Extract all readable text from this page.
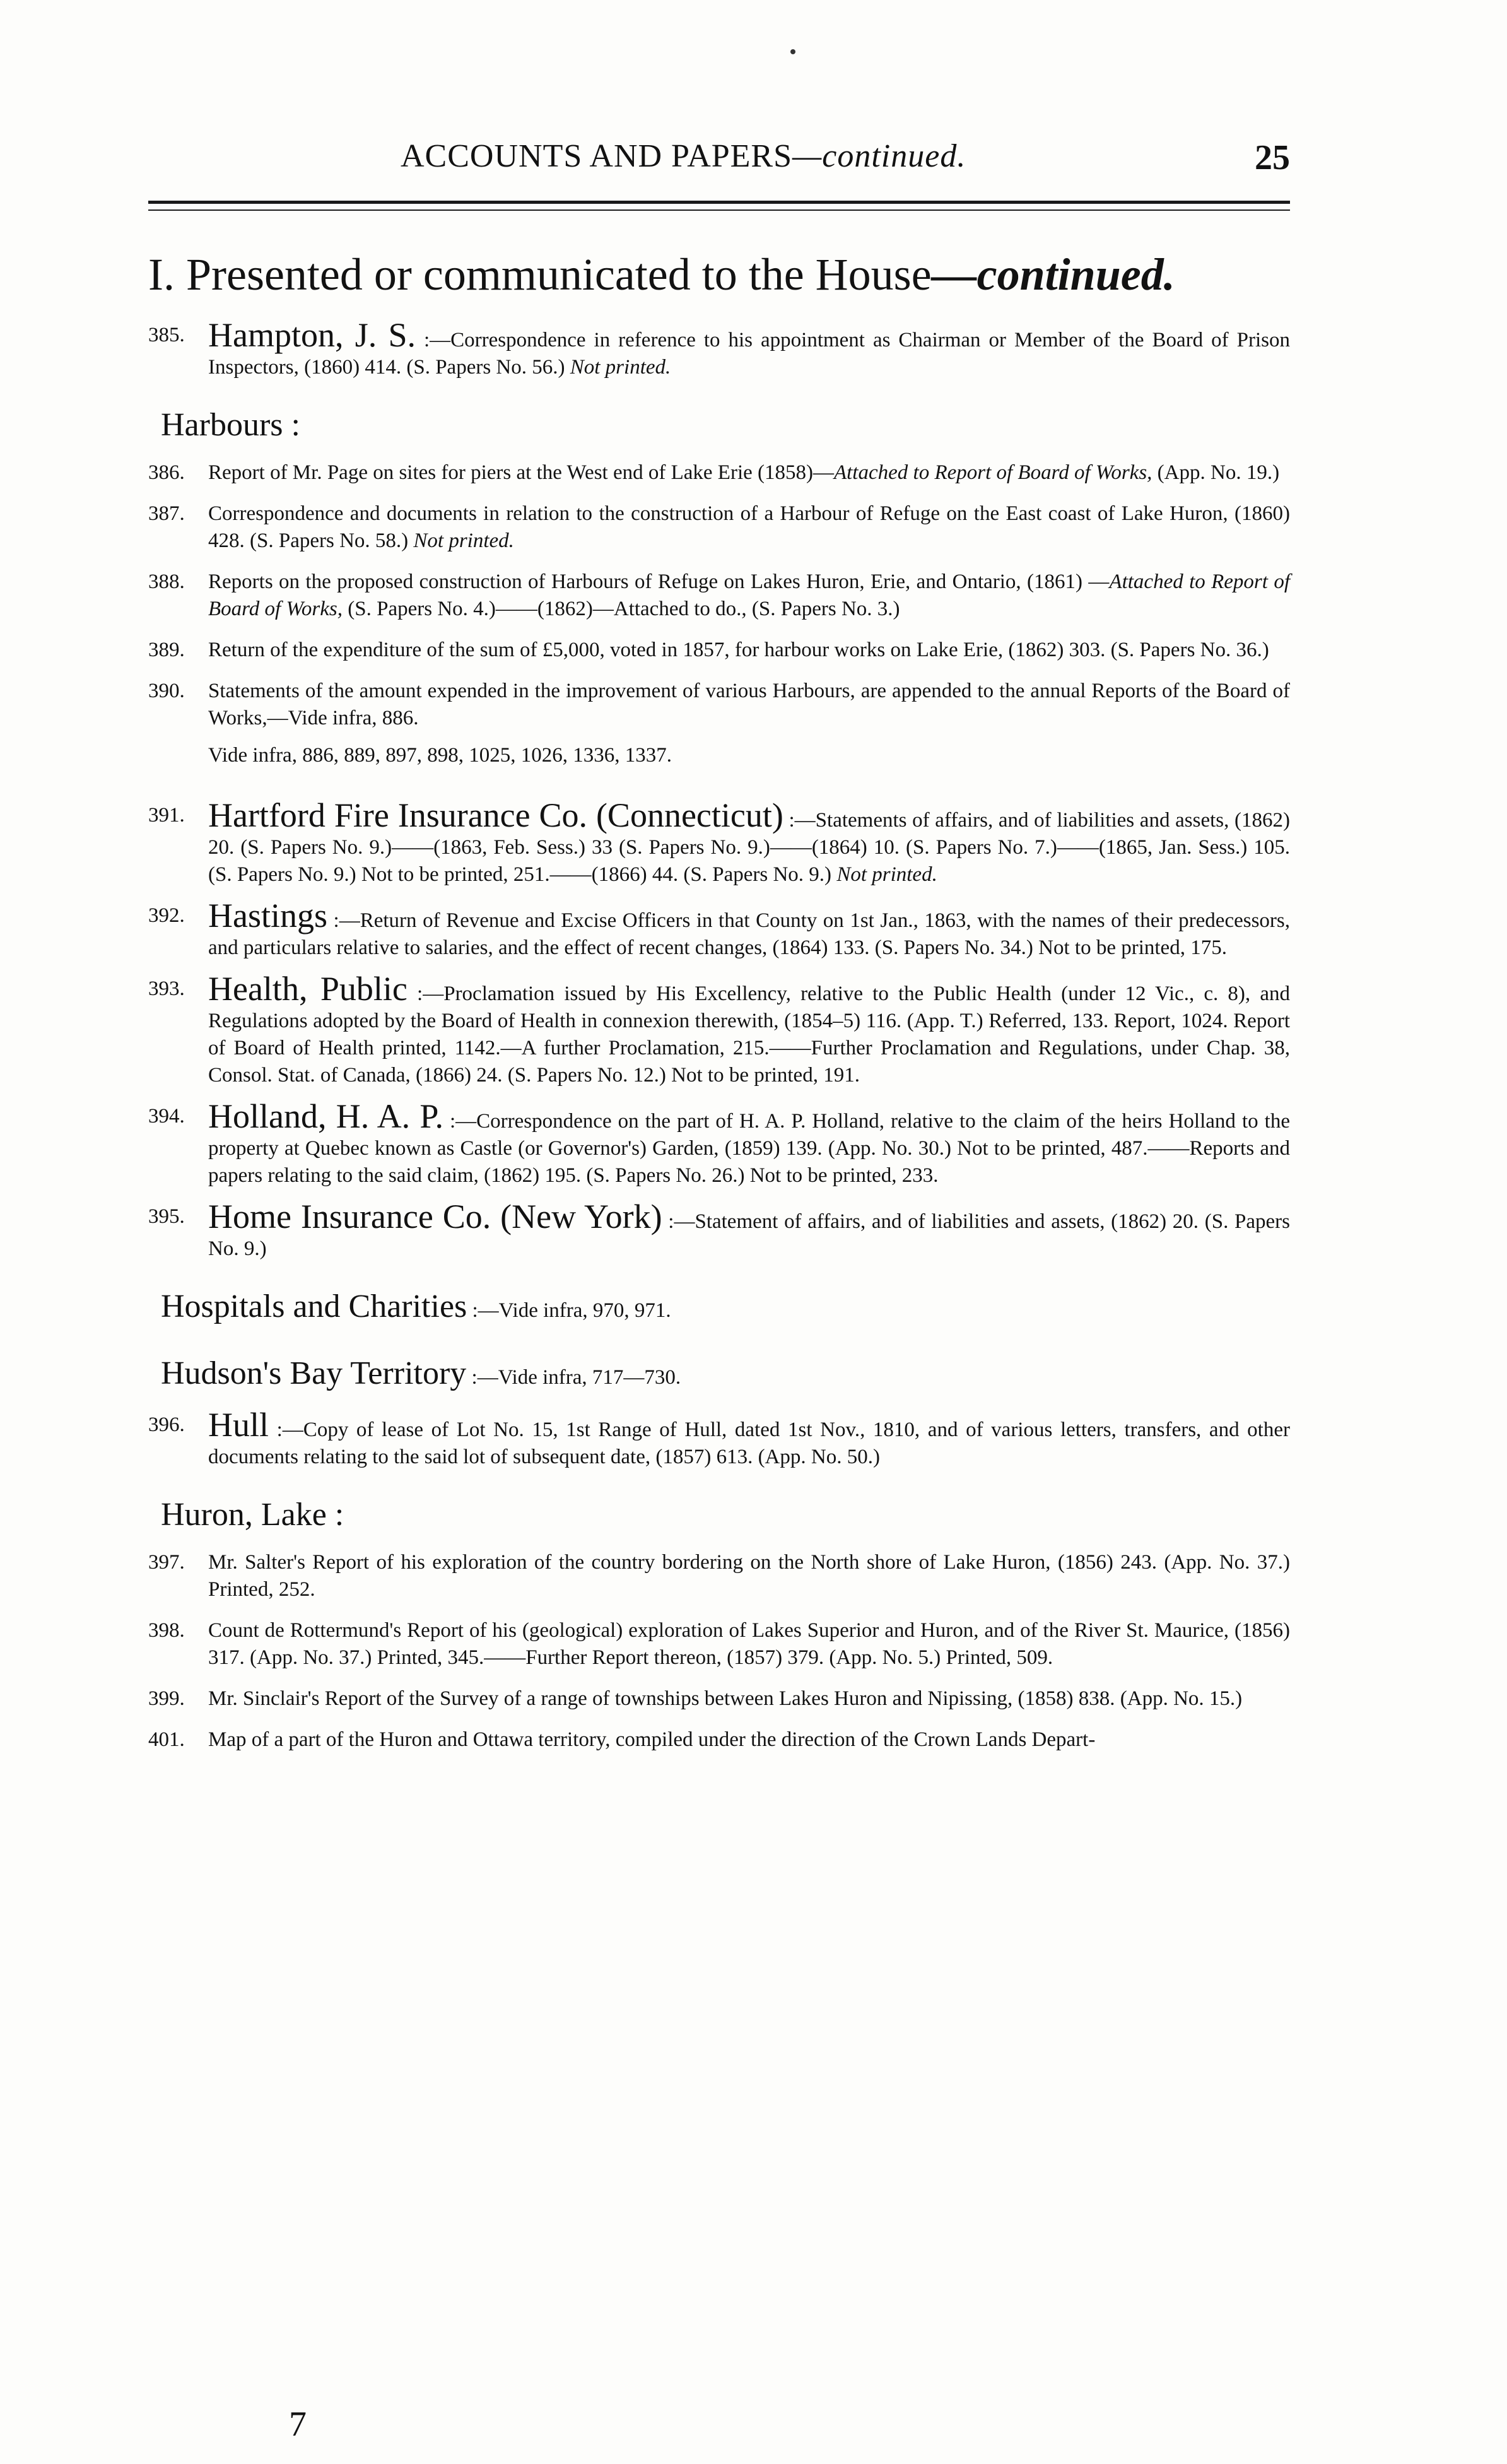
ACCOUNTS AND PAPERS—continued.	25
I. Presented or communicated to the House—continued.
385. Hampton, J. S. :—Correspondence in reference to his appointment as Chairman or Member of the Board of Prison Inspectors, (1860) 414. (S. Papers No. 56.) Not printed.
Harbours :
386. Report of Mr. Page on sites for piers at the West end of Lake Erie (1858)—Attached to Report of Board of Works, (App. No. 19.)
387. Correspondence and documents in relation to the construction of a Harbour of Refuge on the East coast of Lake Huron, (1860) 428. (S. Papers No. 58.) Not printed.
388. Reports on the proposed construction of Harbours of Refuge on Lakes Huron, Erie, and Ontario, (1861) —Attached to Report of Board of Works, (S. Papers No. 4.)——(1862)—Attached to do., (S. Papers No. 3.)
389. Return of the expenditure of the sum of £5,000, voted in 1857, for harbour works on Lake Erie, (1862) 303. (S. Papers No. 36.)
390. Statements of the amount expended in the improvement of various Harbours, are appended to the annual Reports of the Board of Works,—Vide infra, 886.
Vide infra, 886, 889, 897, 898, 1025, 1026, 1336, 1337.
391. Hartford Fire Insurance Co. (Connecticut) :—Statements of affairs, and of liabilities and assets, (1862) 20. (S. Papers No. 9.)——(1863, Feb. Sess.) 33 (S. Papers No. 9.)——(1864) 10. (S. Papers No. 7.)——(1865, Jan. Sess.) 105. (S. Papers No. 9.) Not to be printed, 251.——(1866) 44. (S. Papers No. 9.) Not printed.
392. Hastings :—Return of Revenue and Excise Officers in that County on 1st Jan., 1863, with the names of their predecessors, and particulars relative to salaries, and the effect of recent changes, (1864) 133. (S. Papers No. 34.) Not to be printed, 175.
393. Health, Public :—Proclamation issued by His Excellency, relative to the Public Health (under 12 Vic., c. 8), and Regulations adopted by the Board of Health in connexion therewith, (1854–5) 116. (App. T.) Referred, 133. Report, 1024. Report of Board of Health printed, 1142.—A further Proclamation, 215.——Further Proclamation and Regulations, under Chap. 38, Consol. Stat. of Canada, (1866) 24. (S. Papers No. 12.) Not to be printed, 191.
394. Holland, H. A. P. :—Correspondence on the part of H. A. P. Holland, relative to the claim of the heirs Holland to the property at Quebec known as Castle (or Governor's) Garden, (1859) 139. (App. No. 30.) Not to be printed, 487.——Reports and papers relating to the said claim, (1862) 195. (S. Papers No. 26.) Not to be printed, 233.
395. Home Insurance Co. (New York) :—Statement of affairs, and of liabilities and assets, (1862) 20. (S. Papers No. 9.)
Hospitals and Charities :—Vide infra, 970, 971.
Hudson's Bay Territory :—Vide infra, 717—730.
396. Hull :—Copy of lease of Lot No. 15, 1st Range of Hull, dated 1st Nov., 1810, and of various letters, transfers, and other documents relating to the said lot of subsequent date, (1857) 613. (App. No. 50.)
Huron, Lake :
397. Mr. Salter's Report of his exploration of the country bordering on the North shore of Lake Huron, (1856) 243. (App. No. 37.) Printed, 252.
398. Count de Rottermund's Report of his (geological) exploration of Lakes Superior and Huron, and of the River St. Maurice, (1856) 317. (App. No. 37.) Printed, 345.——Further Report thereon, (1857) 379. (App. No. 5.) Printed, 509.
399. Mr. Sinclair's Report of the Survey of a range of townships between Lakes Huron and Nipissing, (1858) 838. (App. No. 15.)
401. Map of a part of the Huron and Ottawa territory, compiled under the direction of the Crown Lands Depart-
7
